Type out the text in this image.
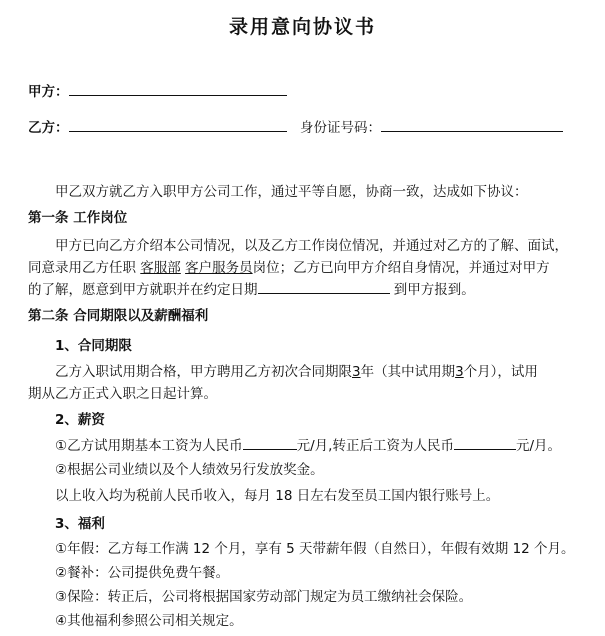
录用意向协议书
甲方：
乙方：	身份证号码：
甲乙双方就乙方入职甲方公司工作，通过平等自愿，协商一致，达成如下协议：
第一条 工作岗位
甲方已向乙方介绍本公司情况，以及乙方工作岗位情况，并通过对乙方的了解、面试，
同意录用乙方任职 客服部 客户服务员岗位；乙方已向甲方介绍自身情况，并通过对甲方
的了解，愿意到甲方就职并在约定日期	到甲方报到。
第二条 合同期限以及薪酬福利
1、合同期限
乙方入职试用期合格，甲方聘用乙方初次合同期限3年（其中试用期3个月），试用
期从乙方正式入职之日起计算。
2、薪资
①乙方试用期基本工资为人民币	元/月,转正后工资为人民币	元/月。
②根据公司业绩以及个人绩效另行发放奖金。
以上收入均为税前人民币收入，每月 18 日左右发至员工国内银行账号上。
3、福利
①年假：乙方每工作满 12 个月，享有 5 天带薪年假（自然日），年假有效期 12 个月。
②餐补：公司提供免费午餐。
③保险：转正后，公司将根据国家劳动部门规定为员工缴纳社会保险。
④其他福利参照公司相关规定。
